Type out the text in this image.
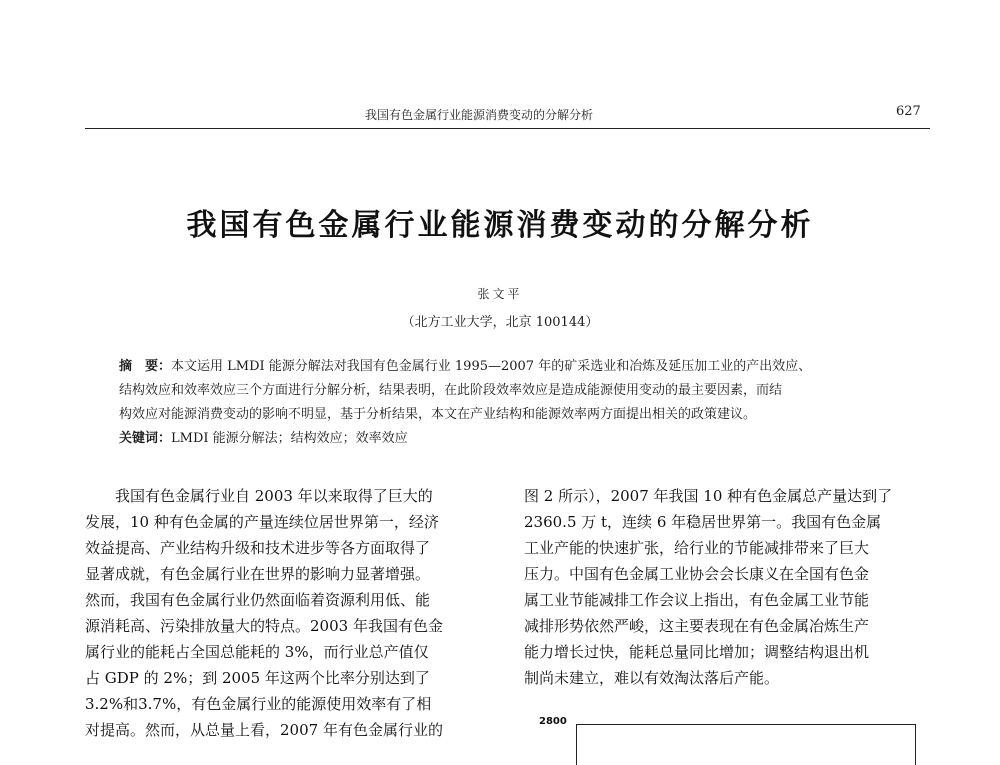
我国有色金属行业能源消费变动的分解分析	627
我国有色金属行业能源消费变动的分解分析
张文平
（北方工业大学，北京 100144）

摘　要：本文运用 LMDI 能源分解法对我国有色金属行业 1995—2007 年的矿采选业和冶炼及延压加工业的产出效应、

结构效应和效率效应三个方面进行分解分析，结果表明，在此阶段效率效应是造成能源使用变动的最主要因素，而结

构效应对能源消费变动的影响不明显，基于分析结果，本文在产业结构和能源效率两方面提出相关的政策建议。

关键词：LMDI 能源分解法；结构效应；效率效应

我国有色金属行业自 2003 年以来取得了巨大的

发展，10 种有色金属的产量连续位居世界第一，经济

效益提高、产业结构升级和技术进步等各方面取得了

显著成就，有色金属行业在世界的影响力显著增强。

然而，我国有色金属行业仍然面临着资源利用低、能

源消耗高、污染排放量大的特点。2003 年我国有色金

属行业的能耗占全国总能耗的 3%，而行业总产值仅

占 GDP 的 2%；到 2005 年这两个比率分别达到了

3.2%和3.7%，有色金属行业的能源使用效率有了相

对提高。然而，从总量上看，2007 年有色金属行业的

图 2 所示），2007 年我国 10 种有色金属总产量达到了

2360.5 万 t，连续 6 年稳居世界第一。我国有色金属

工业产能的快速扩张，给行业的节能减排带来了巨大

压力。中国有色金属工业协会会长康义在全国有色金

属工业节能减排工作会议上指出，有色金属工业节能

减排形势依然严峻，这主要表现在有色金属冶炼生产

能力增长过快，能耗总量同比增加；调整结构退出机

制尚未建立，难以有效淘汰落后产能。

2800
